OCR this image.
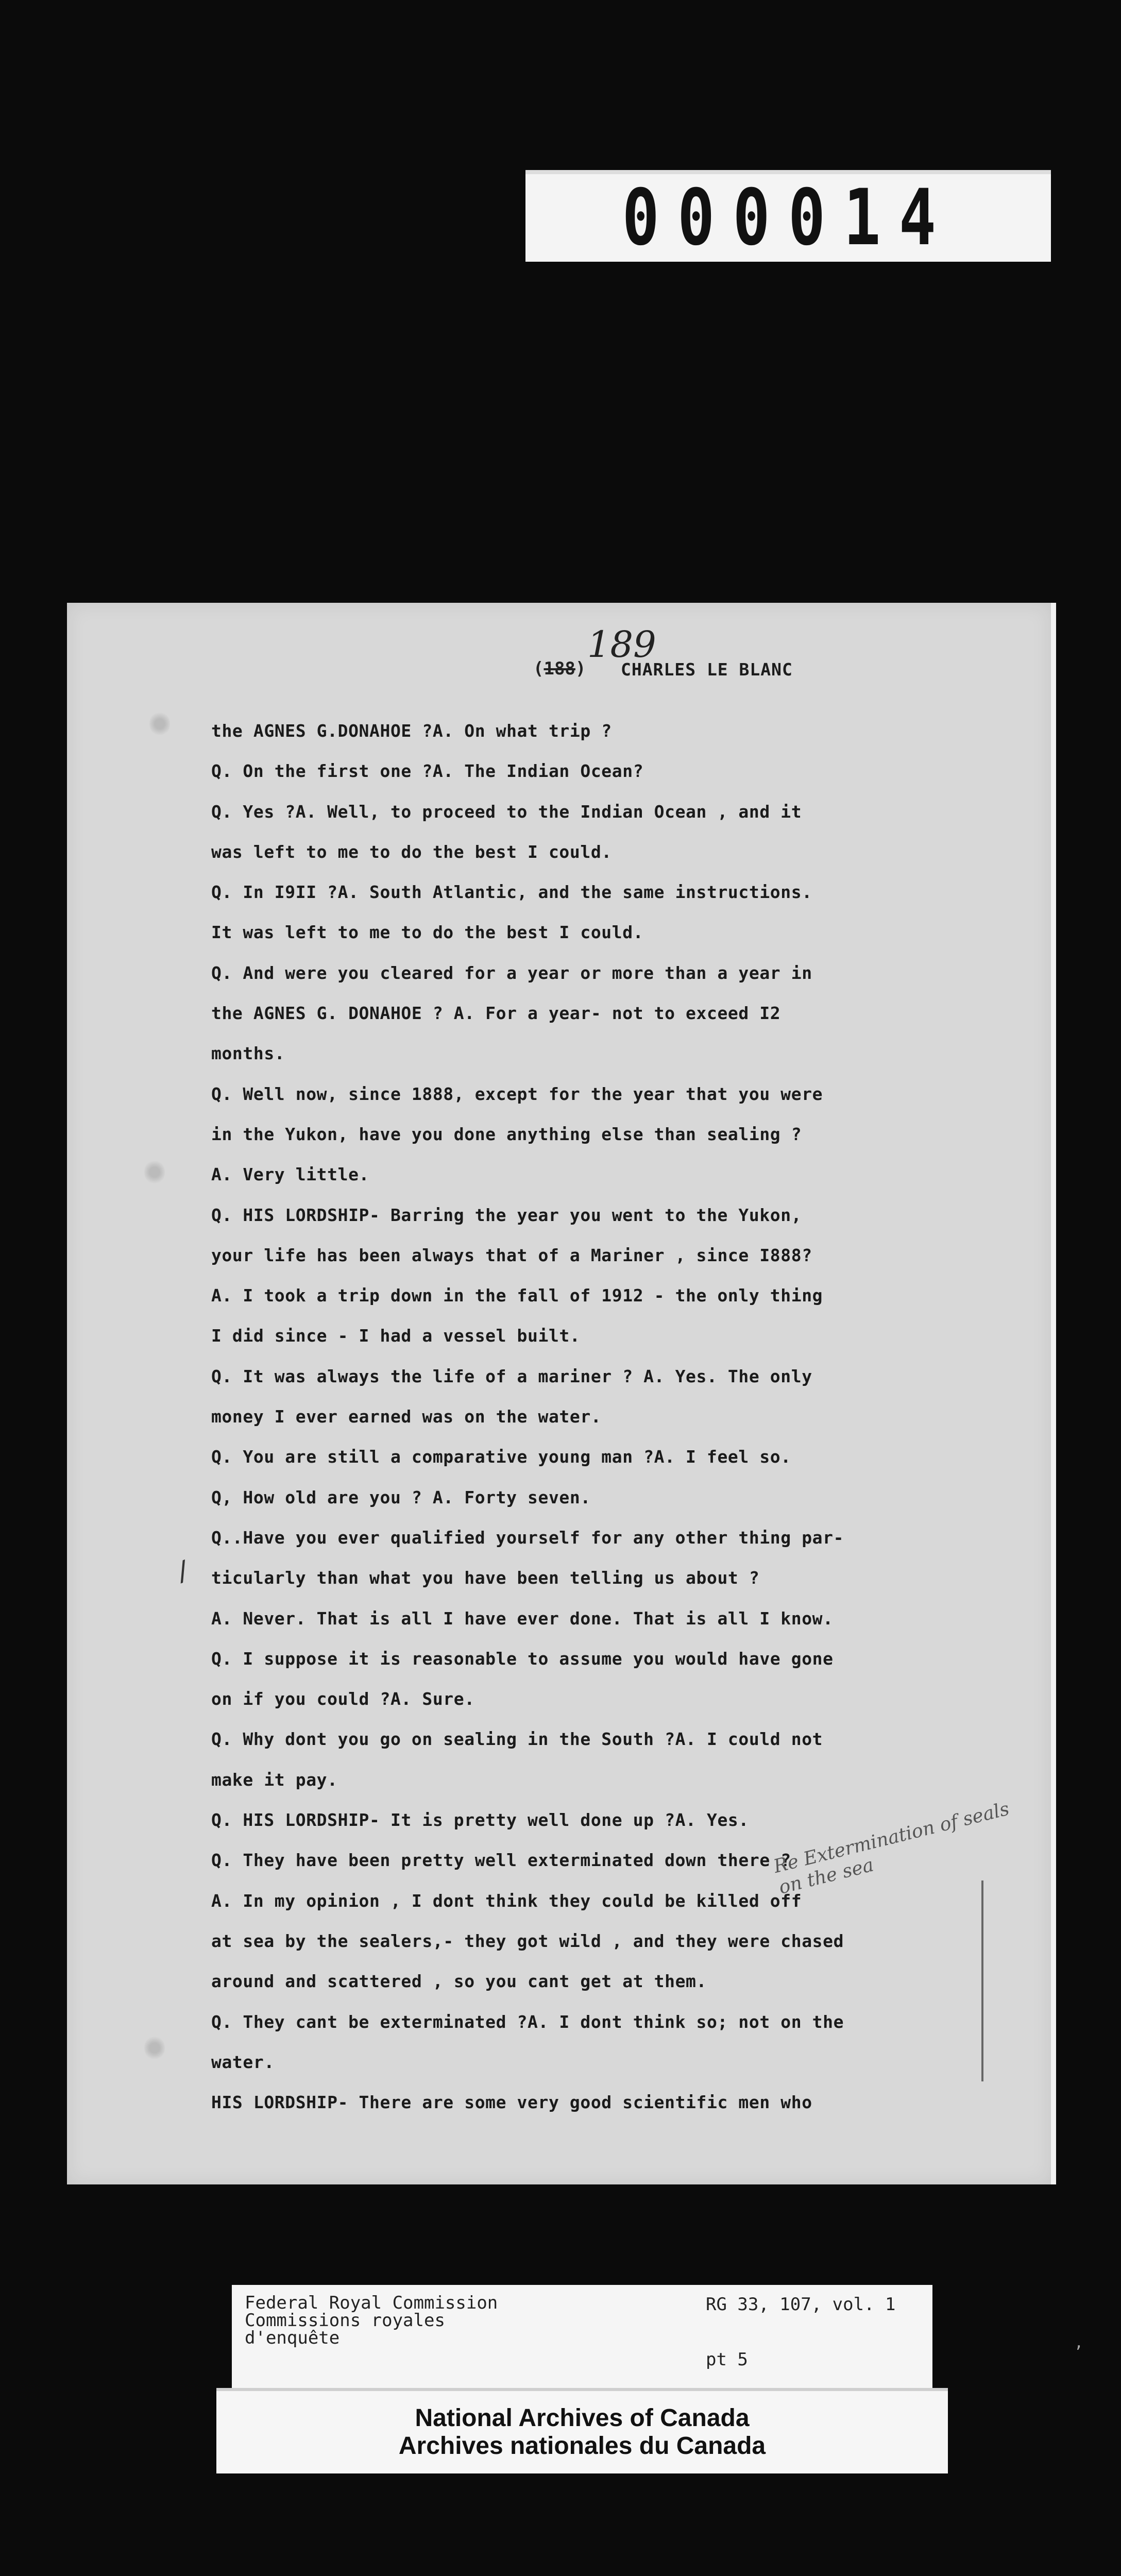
000014
189
(188) CHARLES LE BLANC
the AGNES G.DONAHOE ?A. On what trip ?
Q. On the first one ?A. The Indian Ocean?
Q. Yes ?A. Well, to proceed to the Indian Ocean , and it
was left to me to do the best I could.
Q. In I9II ?A. South Atlantic, and the same instructions.
It was left to me to do the best I could.
Q. And were you cleared for a year or more than a year in
the AGNES G. DONAHOE ? A. For a year- not to exceed I2
months.
Q. Well now, since 1888, except for the year that you were
in the Yukon, have you done anything else than sealing ?
A. Very little.
Q. HIS LORDSHIP- Barring the year you went to the Yukon,
your life has been always that of a Mariner , since I888?
A. I took a trip down in the fall of 1912 - the only thing
I did since - I had a vessel built.
Q. It was always the life of a mariner ? A. Yes. The only
money I ever earned was on the water.
Q. You are still a comparative young man ?A. I feel so.
Q, How old are you ? A. Forty seven.
Q..Have you ever qualified yourself for any other thing par-
ticularly than what you have been telling us about ?
A. Never. That is all I have ever done. That is all I know.
Q. I suppose it is reasonable to assume you would have gone
on if you could ?A. Sure.
Q. Why dont you go on sealing in the South ?A. I could not
make it pay.
Q. HIS LORDSHIP- It is pretty well done up ?A. Yes.
Q. They have been pretty well exterminated down there ?
A. In my opinion , I dont think they could be killed off
at sea by the sealers,- they got wild , and they were chased
around and scattered , so you cant get at them.
Q. They cant be exterminated ?A. I dont think so; not on the
water.
HIS LORDSHIP- There are some very good scientific men who
/
Re Extermination of seals on the sea
Federal Royal Commission
Commissions royales
d'enquête
RG 33, 107, vol. 1
pt 5
National Archives of Canada
Archives nationales du Canada
,
